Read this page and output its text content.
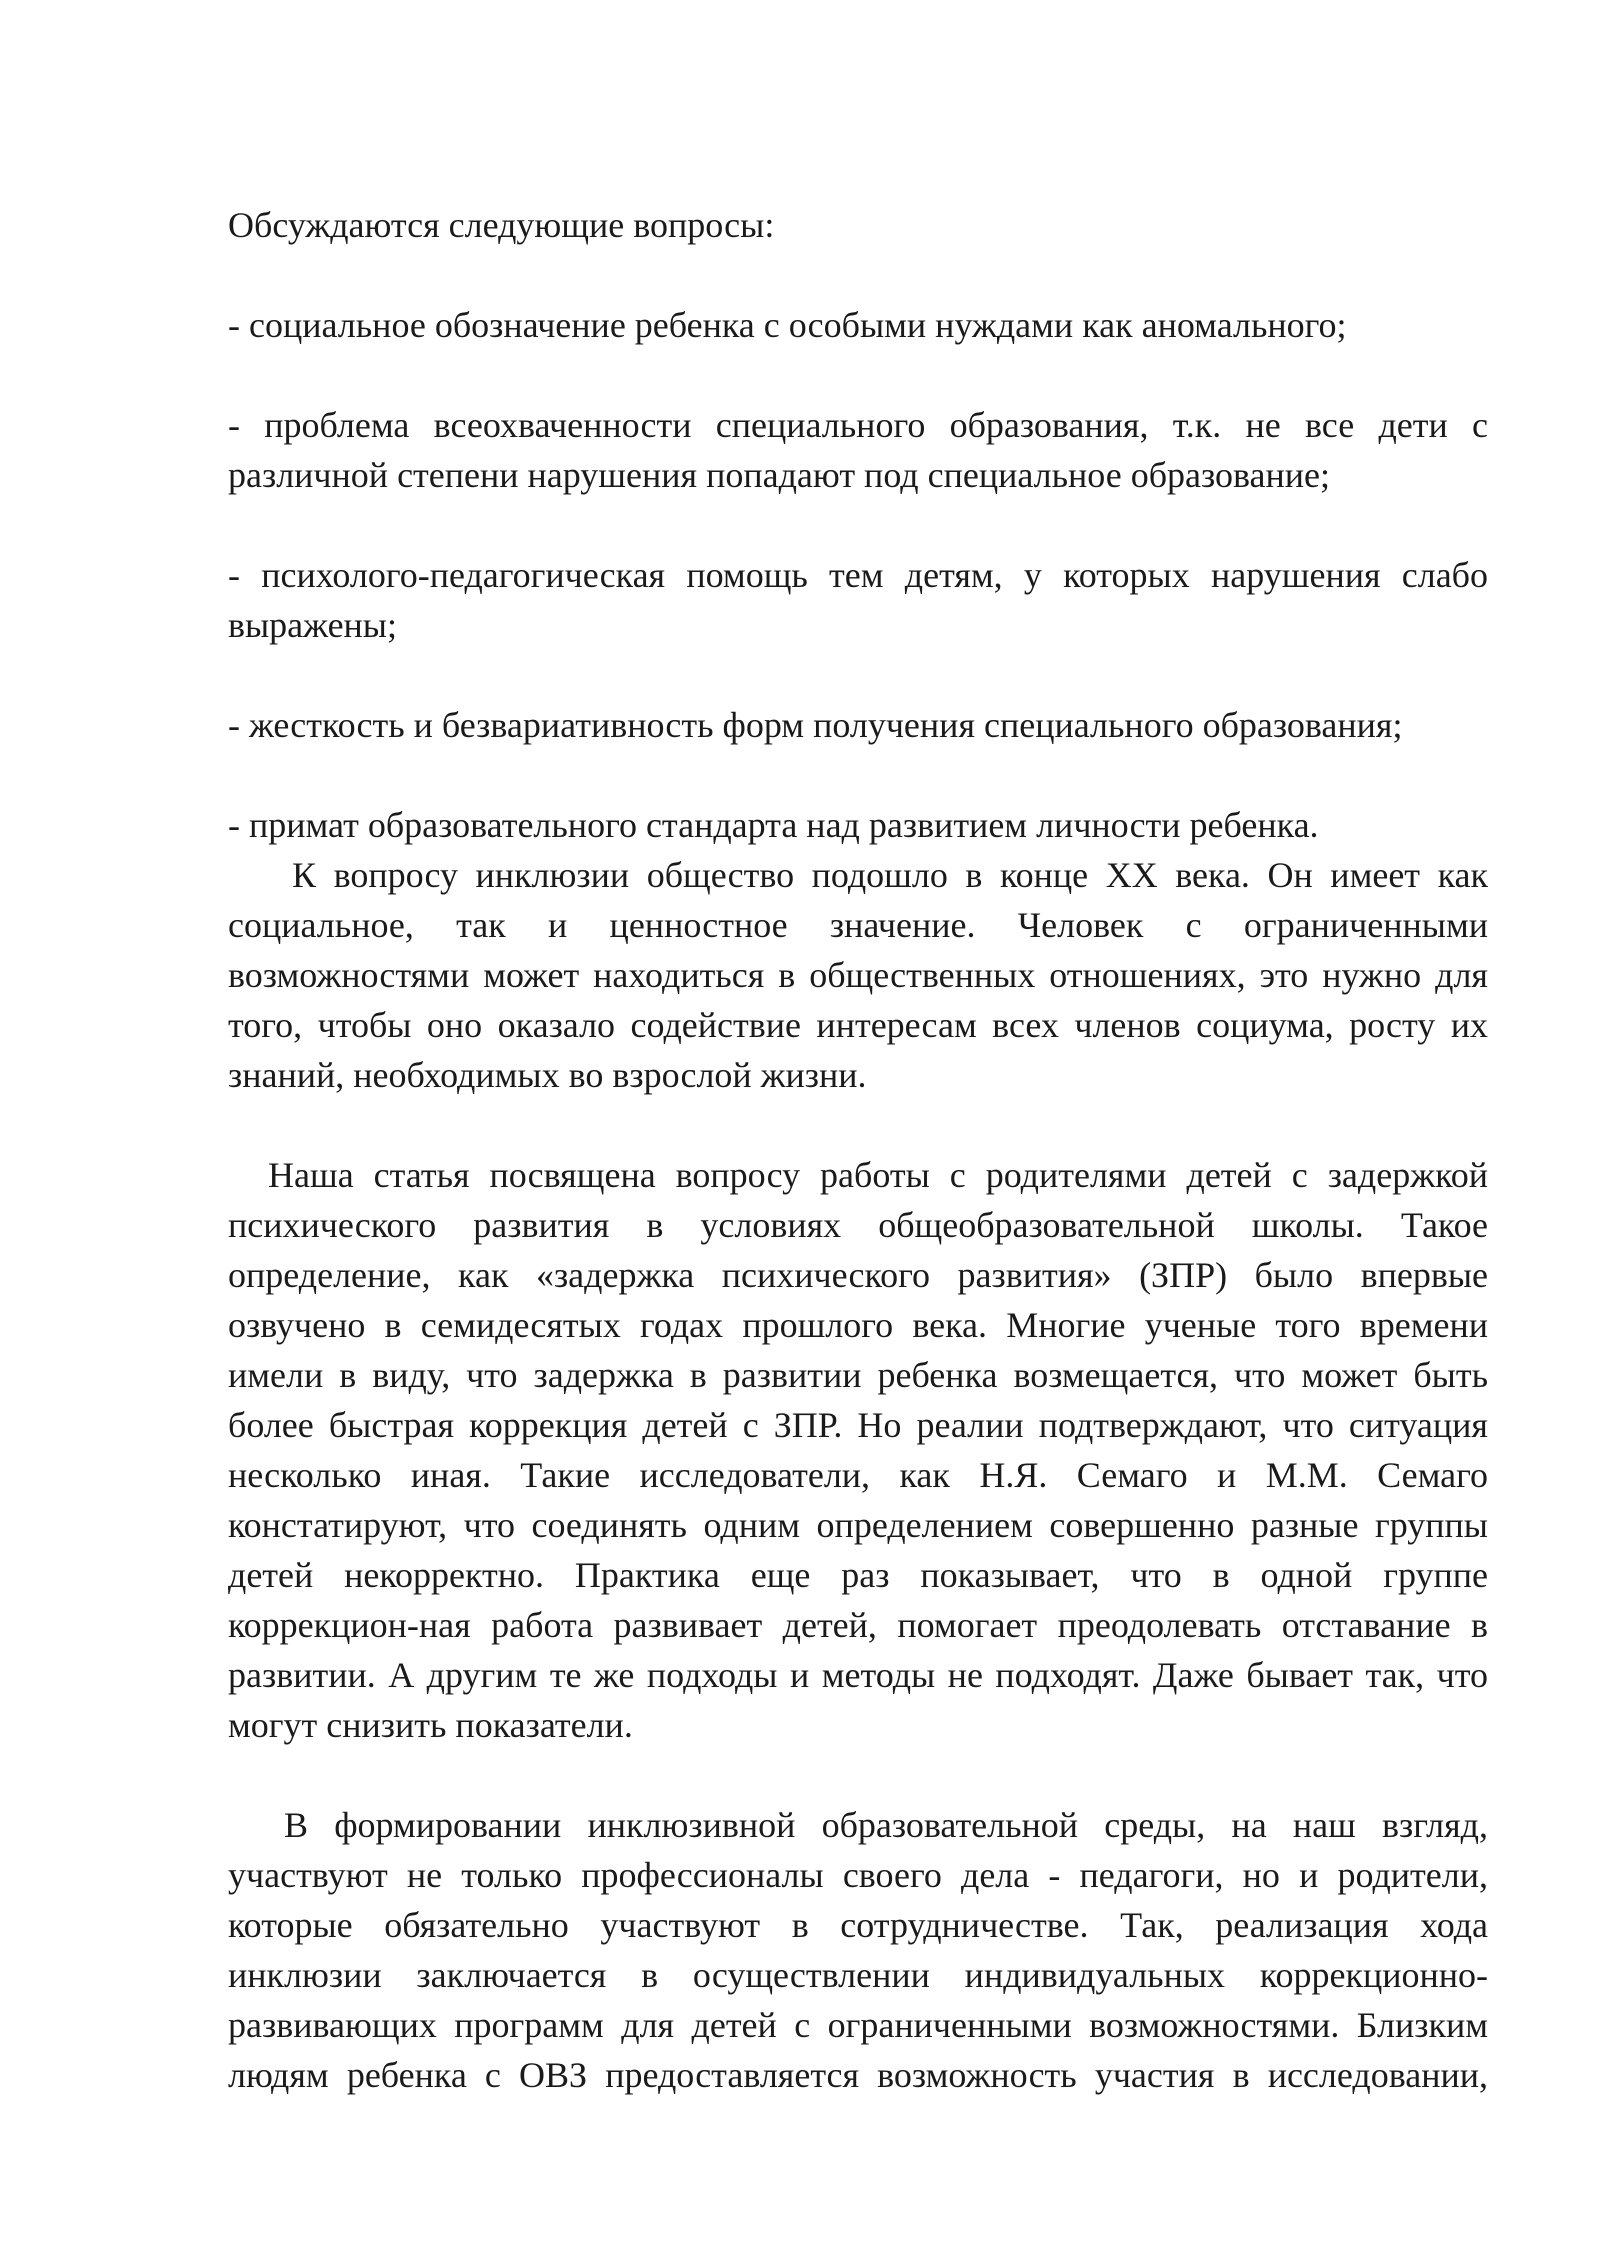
Обсуждаются следующие вопросы:

- социальное обозначение ребенка с особыми нуждами как аномального;

- проблема всеохваченности специального образования, т.к. не все дети с различной степени нарушения попадают под специальное образование;

- психолого-педагогическая помощь тем детям, у которых нарушения слабо выражены;

- жесткость и безвариативность форм получения специального образования;

- примат образовательного стандарта над развитием личности ребенка.

К вопросу инклюзии общество подошло в конце XX века. Он имеет как социальное, так и ценностное значение. Человек с ограниченными возможностями может находиться в общественных отношениях, это нужно для того, чтобы оно оказало содействие интересам всех членов социума, росту их знаний, необходимых во взрослой жизни.

Наша статья посвящена вопросу работы с родителями детей с задержкой психического развития в условиях общеобразовательной школы. Такое определение, как «задержка психического развития» (ЗПР) было впервые озвучено в семидесятых годах прошлого века. Многие ученые того времени имели в виду, что задержка в развитии ребенка возмещается, что может быть более быстрая коррекция детей с ЗПР. Но реалии подтверждают, что ситуация несколько иная. Такие исследователи, как Н.Я. Семаго и М.М. Семаго констатируют, что соединять одним определением совершенно разные группы детей некорректно. Практика еще раз показывает, что в одной группе коррекцион-ная работа развивает детей, помогает преодолевать отставание в развитии. А другим те же подходы и методы не подходят. Даже бывает так, что могут снизить показатели.

В формировании инклюзивной образовательной среды, на наш взгляд, участвуют не только профессионалы своего дела - педагоги, но и родители, которые обязательно участвуют в сотрудничестве. Так, реализация хода инклюзии заключается в осуществлении индивидуальных коррекционно-развивающих программ для детей с ограниченными возможностями. Близким людям ребенка с ОВЗ предоставляется возможность участия в исследовании,
